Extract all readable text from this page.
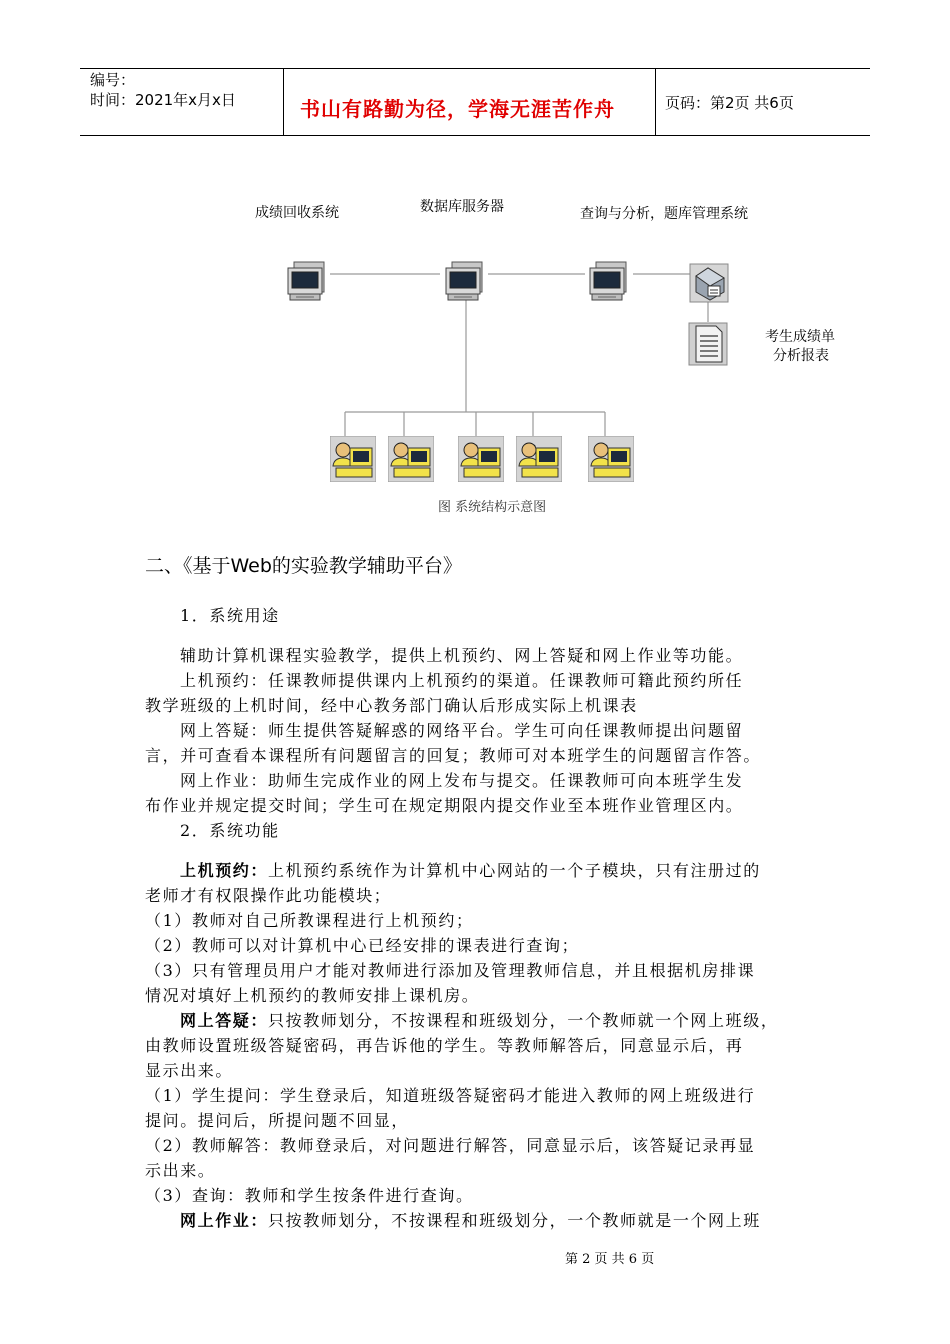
编号：
时间：2021年x月x日	书山有路勤为径，学海无涯苦作舟	页码：第2页 共6页
成绩回收系统	数据库服务器	查询与分析，题库管理系统
考生成绩单
分析报表
图 系统结构示意图
二、《基于Web的实验教学辅助平台》
1．系统用途
辅助计算机课程实验教学，提供上机预约、网上答疑和网上作业等功能。
上机预约：任课教师提供课内上机预约的渠道。任课教师可籍此预约所任
教学班级的上机时间，经中心教务部门确认后形成实际上机课表
网上答疑：师生提供答疑解惑的网络平台。学生可向任课教师提出问题留
言，并可查看本课程所有问题留言的回复；教师可对本班学生的问题留言作答。
网上作业：助师生完成作业的网上发布与提交。任课教师可向本班学生发
布作业并规定提交时间；学生可在规定期限内提交作业至本班作业管理区内。
2．系统功能
上机预约：上机预约系统作为计算机中心网站的一个子模块，只有注册过的
老师才有权限操作此功能模块；
（1）教师对自己所教课程进行上机预约；
（2）教师可以对计算机中心已经安排的课表进行查询；
（3）只有管理员用户才能对教师进行添加及管理教师信息，并且根据机房排课
情况对填好上机预约的教师安排上课机房。
网上答疑：只按教师划分，不按课程和班级划分，一个教师就一个网上班级，
由教师设置班级答疑密码，再告诉他的学生。等教师解答后，同意显示后，再
显示出来。
（1）学生提问：学生登录后，知道班级答疑密码才能进入教师的网上班级进行
提问。提问后，所提问题不回显，
（2）教师解答：教师登录后，对问题进行解答，同意显示后，该答疑记录再显
示出来。
（3）查询：教师和学生按条件进行查询。
网上作业：只按教师划分，不按课程和班级划分，一个教师就是一个网上班
第 2 页 共 6 页
